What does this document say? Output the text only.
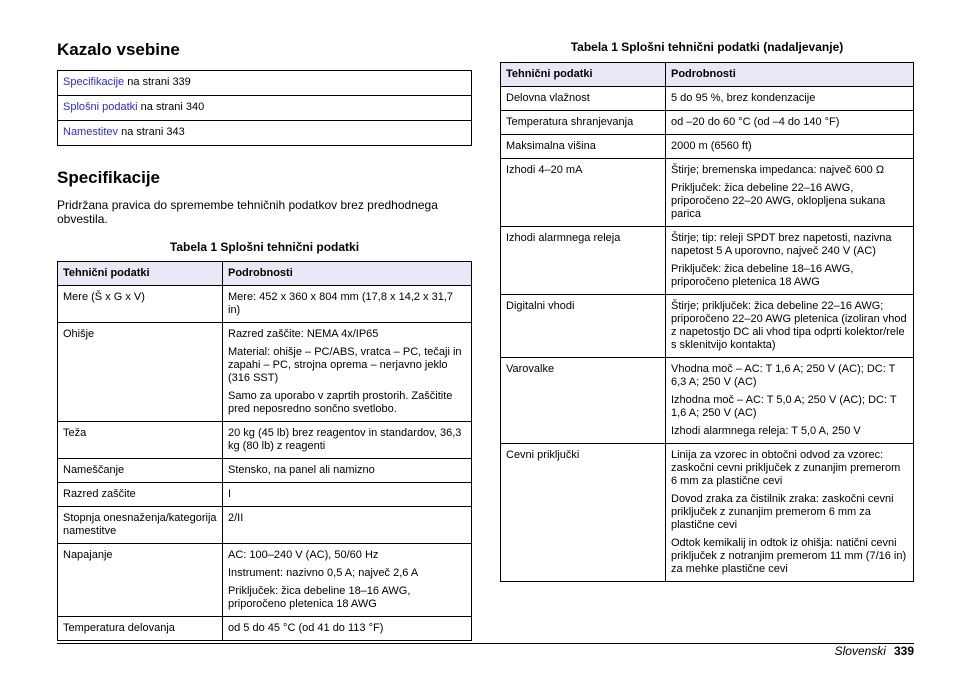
Kazalo vsebine
Specifikacije na strani 339
Splošni podatki na strani 340
Namestitev na strani 343
Specifikacije

Pridržana pravica do spremembe tehničnih podatkov brez predhodnega obvestila.

Tabela 1 Splošni tehnični podatki
Tehnični podatki	Podrobnosti
Mere (Š x G x V)	Mere: 452 x 360 x 804 mm (17,8 x 14,2 x 31,7 in)

Ohišje	Razred zaščite: NEMA 4x/IP65
Material: ohišje – PC/ABS, vratca – PC, tečaji in zapahi – PC, strojna oprema – nerjavno jeklo (316 SST)
Samo za uporabo v zaprtih prostorih. Zaščitite pred neposredno sončno svetlobo.

Teža	20 kg (45 lb) brez reagentov in standardov, 36,3 kg (80 lb) z reagenti

Nameščanje	Stensko, na panel ali namizno

Razred zaščite	I

Stopnja onesnaženja/kategorija namestitve	2/II

Napajanje	AC: 100–240 V (AC), 50/60 Hz
Instrument: nazivno 0,5 A; največ 2,6 A
Priključek: žica debeline 18–16 AWG, priporočeno pletenica 18 AWG

Temperatura delovanja	od 5 do 45 °C (od 41 do 113 °F)
Tabela 1 Splošni tehnični podatki (nadaljevanje)
Tehnični podatki	Podrobnosti
Delovna vlažnost	5 do 95 %, brez kondenzacije

Temperatura shranjevanja	od –20 do 60 °C (od –4 do 140 °F)

Maksimalna višina	2000 m (6560 ft)

Izhodi 4–20 mA	Štirje; bremenska impedanca: največ 600 Ω
Priključek: žica debeline 22–16 AWG, priporočeno 22–20 AWG, oklopljena sukana parica

Izhodi alarmnega releja	Štirje; tip: releji SPDT brez napetosti, nazivna napetost 5 A uporovno, največ 240 V (AC)
Priključek: žica debeline 18–16 AWG, priporočeno pletenica 18 AWG

Digitalni vhodi	Štirje; priključek: žica debeline 22–16 AWG; priporočeno 22–20 AWG pletenica (izoliran vhod z napetostjo DC ali vhod tipa odprti kolektor/rele s sklenitvijo kontakta)

Varovalke	Vhodna moč – AC: T 1,6 A; 250 V (AC); DC: T 6,3 A; 250 V (AC)
Izhodna moč – AC: T 5,0 A; 250 V (AC); DC: T 1,6 A; 250 V (AC)
Izhodi alarmnega releja: T 5,0 A, 250 V

Cevni priključki	Linija za vzorec in obtočni odvod za vzorec: zaskočni cevni priključek z zunanjim premerom 6 mm za plastične cevi
Dovod zraka za čistilnik zraka: zaskočni cevni priključek z zunanjim premerom 6 mm za plastične cevi
Odtok kemikalij in odtok iz ohišja: natični cevni priključek z notranjim premerom 11 mm (7/16 in) za mehke plastične cevi
Slovenski 339
